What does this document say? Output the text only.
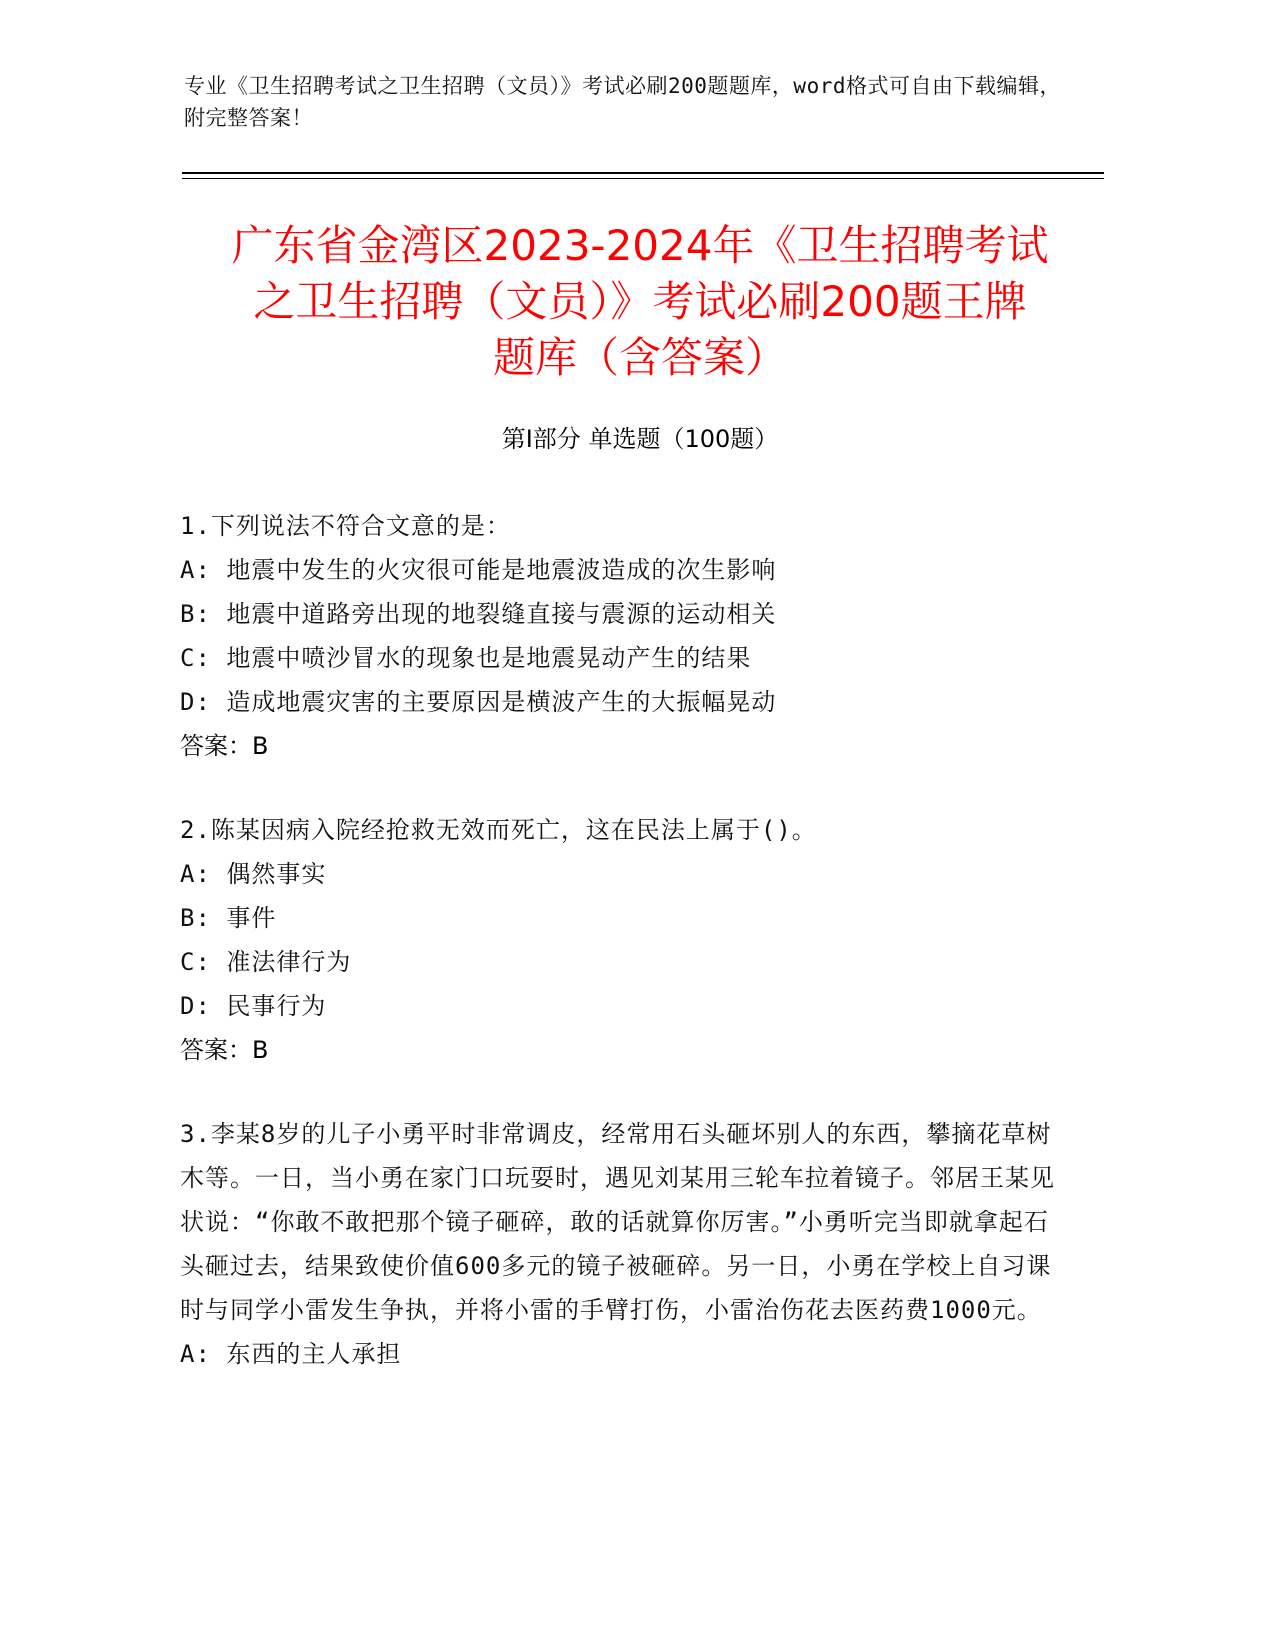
专业《卫生招聘考试之卫生招聘（文员）》考试必刷200题题库，word格式可自由下载编辑，附完整答案！
广东省金湾区2023-2024年《卫生招聘考试
之卫生招聘（文员）》考试必刷200题王牌
题库（含答案）
第Ⅰ部分 单选题（100题）

1.下列说法不符合文意的是：

A: 地震中发生的火灾很可能是地震波造成的次生影响

B: 地震中道路旁出现的地裂缝直接与震源的运动相关

C: 地震中喷沙冒水的现象也是地震晃动产生的结果

D: 造成地震灾害的主要原因是横波产生的大振幅晃动

答案：B

2.陈某因病入院经抢救无效而死亡，这在民法上属于()。

A: 偶然事实

B: 事件

C: 准法律行为

D: 民事行为

答案：B

3.李某8岁的儿子小勇平时非常调皮，经常用石头砸坏别人的东西，攀摘花草树木等。一日，当小勇在家门口玩耍时，遇见刘某用三轮车拉着镜子。邻居王某见状说：“你敢不敢把那个镜子砸碎，敢的话就算你厉害。”小勇听完当即就拿起石头砸过去，结果致使价值600多元的镜子被砸碎。另一日，小勇在学校上自习课时与同学小雷发生争执，并将小雷的手臂打伤，小雷治伤花去医药费1000元。

A: 东西的主人承担
